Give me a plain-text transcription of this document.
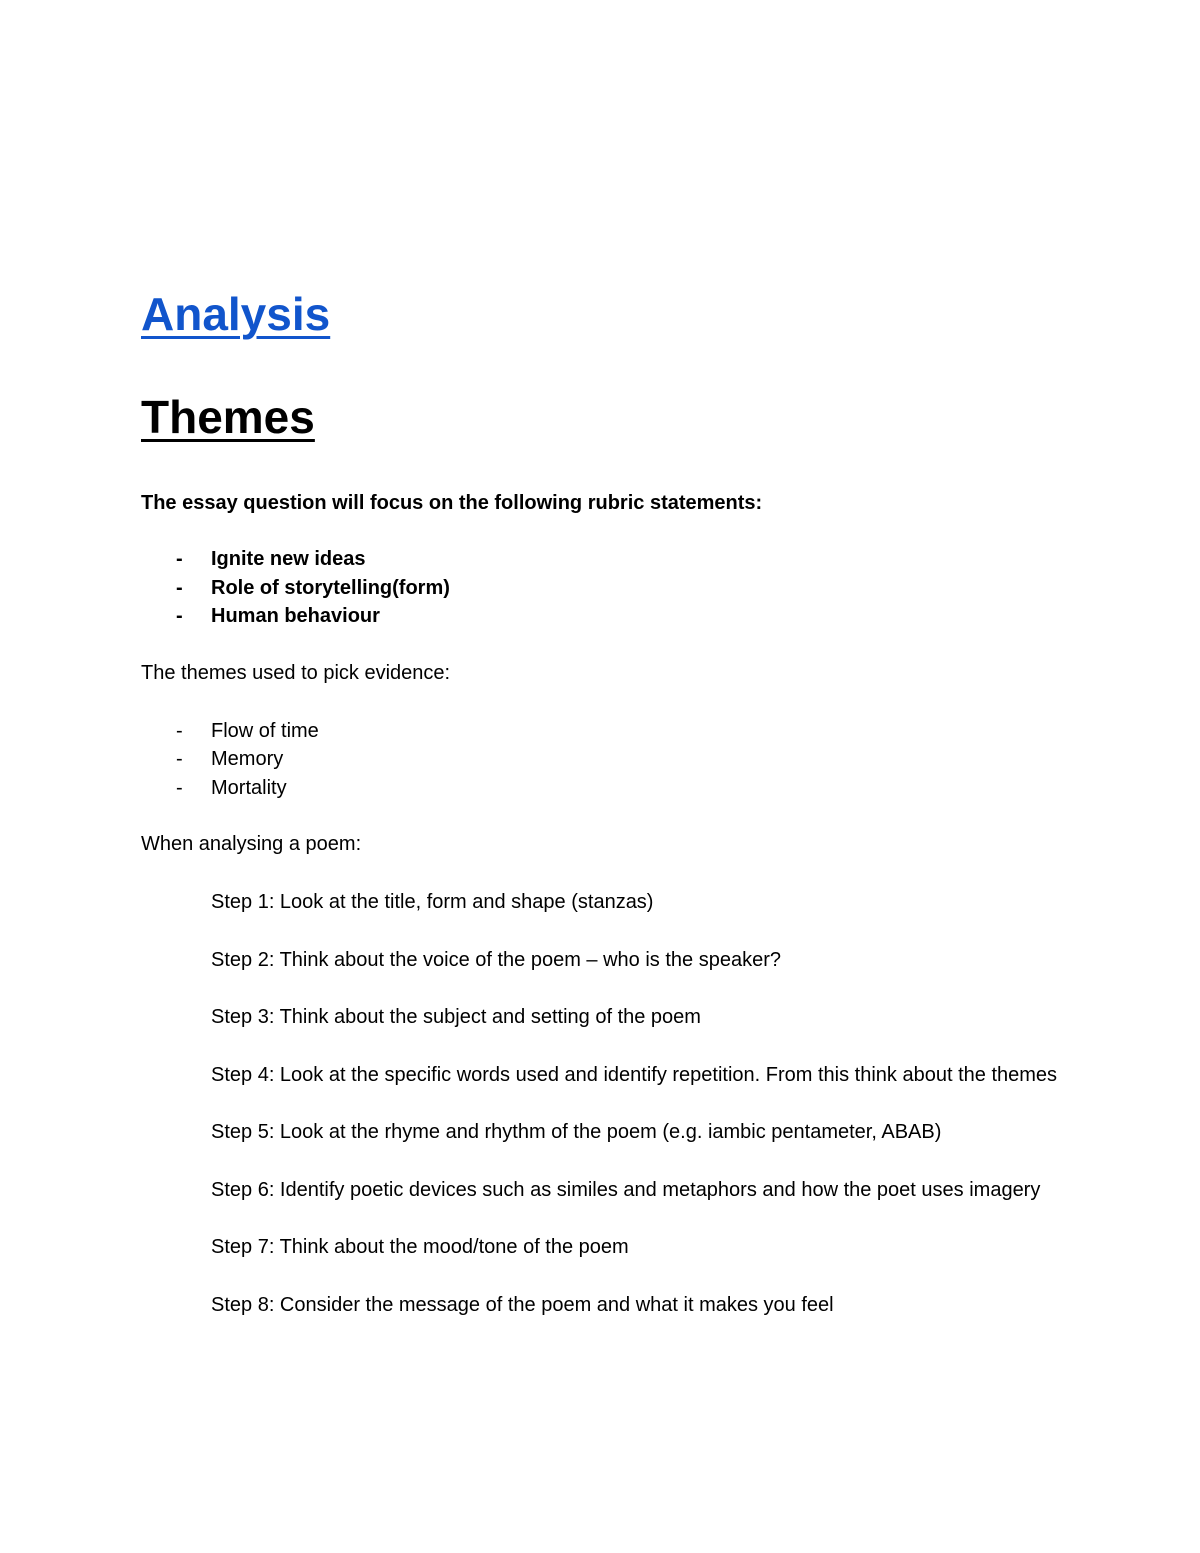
Analysis
Themes

The essay question will focus on the following rubric statements:

- Ignite new ideas
- Role of storytelling(form)
- Human behaviour

The themes used to pick evidence:

- Flow of time
- Memory
- Mortality

When analysing a poem:

Step 1: Look at the title, form and shape (stanzas)

Step 2: Think about the voice of the poem – who is the speaker?

Step 3: Think about the subject and setting of the poem

Step 4: Look at the specific words used and identify repetition. From this think about the themes

Step 5: Look at the rhyme and rhythm of the poem (e.g. iambic pentameter, ABAB)

Step 6: Identify poetic devices such as similes and metaphors and how the poet uses imagery

Step 7: Think about the mood/tone of the poem

Step 8: Consider the message of the poem and what it makes you feel
